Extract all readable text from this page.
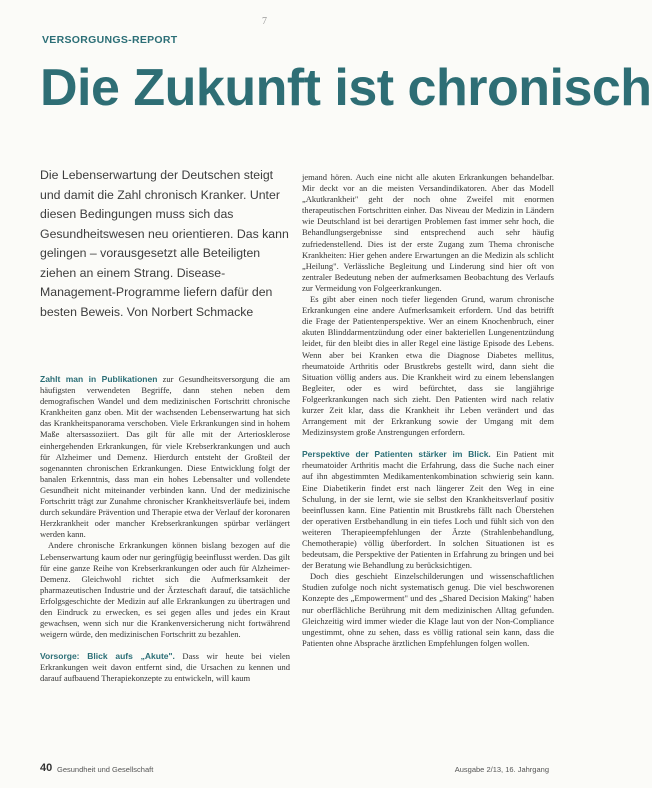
7
VERSORGUNGS-REPORT
Die Zukunft ist chronisch
Die Lebenserwartung der Deutschen steigt und damit die Zahl chronisch Kranker. Unter diesen Bedingungen muss sich das Gesundheitswesen neu orientieren. Das kann gelingen – vorausgesetzt alle Beteiligten ziehen an einem Strang. Disease-Management-Programme liefern dafür den besten Beweis. Von Norbert Schmacke

Zahlt man in Publikationen zur Gesundheitsversorgung die am häufigsten verwendeten Begriffe, dann stehen neben dem demografischen Wandel und dem medizinischen Fortschritt chronische Krankheiten ganz oben. Mit der wachsenden Lebenserwartung hat sich das Krankheitspanorama verschoben. Viele Erkrankungen sind in hohem Maße altersassoziiert. Das gilt für alle mit der Arteriosklerose einhergehenden Erkrankungen, für viele Krebserkrankungen und auch für Alzheimer und Demenz. Hierdurch entsteht der Großteil der sogenannten chronischen Erkrankungen. Diese Entwicklung folgt der banalen Erkenntnis, dass man ein hohes Lebensalter und vollendete Gesundheit nicht miteinander verbinden kann. Und der medizinische Fortschritt trägt zur Zunahme chronischer Krankheitsverläufe bei, indem durch sekundäre Prävention und Therapie etwa der Verlauf der koronaren Herzkrankheit oder mancher Krebserkrankungen spürbar verlängert werden kann.

Andere chronische Erkrankungen können bislang bezogen auf die Lebenserwartung kaum oder nur geringfügig beeinflusst werden. Das gilt für eine ganze Reihe von Krebserkrankungen oder auch für Alzheimer-Demenz. Gleichwohl richtet sich die Aufmerksamkeit der pharmazeutischen Industrie und der Ärzteschaft darauf, die tatsächliche Erfolgsgeschichte der Medizin auf alle Erkrankungen zu übertragen und den Eindruck zu erwecken, es sei gegen alles und jedes ein Kraut gewachsen, wenn sich nur die Krankenversicherung nicht fortwährend weigern würde, den medizinischen Fortschritt zu bezahlen.

Vorsorge: Blick aufs „Akute". Dass wir heute bei vielen Erkrankungen weit davon entfernt sind, die Ursachen zu kennen und darauf aufbauend Therapiekonzepte zu entwickeln, will kaum

jemand hören. Auch eine nicht alle akuten Erkrankungen behandelbar. Mir deckt vor an die meisten Versandindikatoren. Aber das Modell „Akutkrankheit" geht der noch ohne Zweifel mit enormen therapeutischen Fortschritten einher. Das Niveau der Medizin in Ländern wie Deutschland ist bei derartigen Problemen fast immer sehr hoch, die Behandlungsergebnisse sind entsprechend auch sehr häufig zufriedenstellend. Dies ist der erste Zugang zum Thema chronische Krankheiten: Hier gehen andere Erwartungen an die Medizin als schlicht „Heilung". Verlässliche Begleitung und Linderung sind hier oft von zentraler Bedeutung neben der aufmerksamen Beobachtung des Verlaufs zur Vermeidung von Folgeerkrankungen.

Es gibt aber einen noch tiefer liegenden Grund, warum chronische Erkrankungen eine andere Aufmerksamkeit erfordern. Und das betrifft die Frage der Patientenperspektive. Wer an einem Knochenbruch, einer akuten Blinddarmentzündung oder einer bakteriellen Lungenentzündung leidet, für den bleibt dies in aller Regel eine lästige Episode des Lebens. Wenn aber bei Kranken etwa die Diagnose Diabetes mellitus, rheumatoide Arthritis oder Brustkrebs gestellt wird, dann sieht die Situation völlig anders aus. Die Krankheit wird zu einem lebenslangen Begleiter, oder es wird befürchtet, dass sie langjährige Folgeerkrankungen nach sich zieht. Den Patienten wird nach relativ kurzer Zeit klar, dass die Krankheit ihr Leben verändert und das Arrangement mit der Erkrankung sowie der Umgang mit dem Medizinsystem große Anstrengungen erfordern.

Perspektive der Patienten stärker im Blick. Ein Patient mit rheumatoider Arthritis macht die Erfahrung, dass die Suche nach einer auf ihn abgestimmten Medikamentenkombination schwierig sein kann. Eine Diabetikerin findet erst nach längerer Zeit den Weg in eine Schulung, in der sie lernt, wie sie selbst den Krankheitsverlauf positiv beeinflussen kann. Eine Patientin mit Brustkrebs fällt nach Überstehen der operativen Erstbehandlung in ein tiefes Loch und fühlt sich von den weiteren Therapieempfehlungen der Ärzte (Strahlenbehandlung, Chemotherapie) völlig überfordert. In solchen Situationen ist es bedeutsam, die Perspektive der Patienten in Erfahrung zu bringen und bei der Beratung wie Behandlung zu berücksichtigen.

Doch dies geschieht Einzelschilderungen und wissenschaftlichen Studien zufolge noch nicht systematisch genug. Die viel beschworenen Konzepte des „Empowerment" und des „Shared Decision Making" haben nur oberflächliche Berührung mit dem medizinischen Alltag gefunden. Gleichzeitig wird immer wieder die Klage laut von der Non-Compliance ungestimmt, ohne zu sehen, dass es völlig rational sein kann, dass die Patienten ohne Absprache ärztlichen Empfehlungen folgen wollen.

40 Gesundheit und Gesellschaft	Ausgabe 2/13, 16. Jahrgang
